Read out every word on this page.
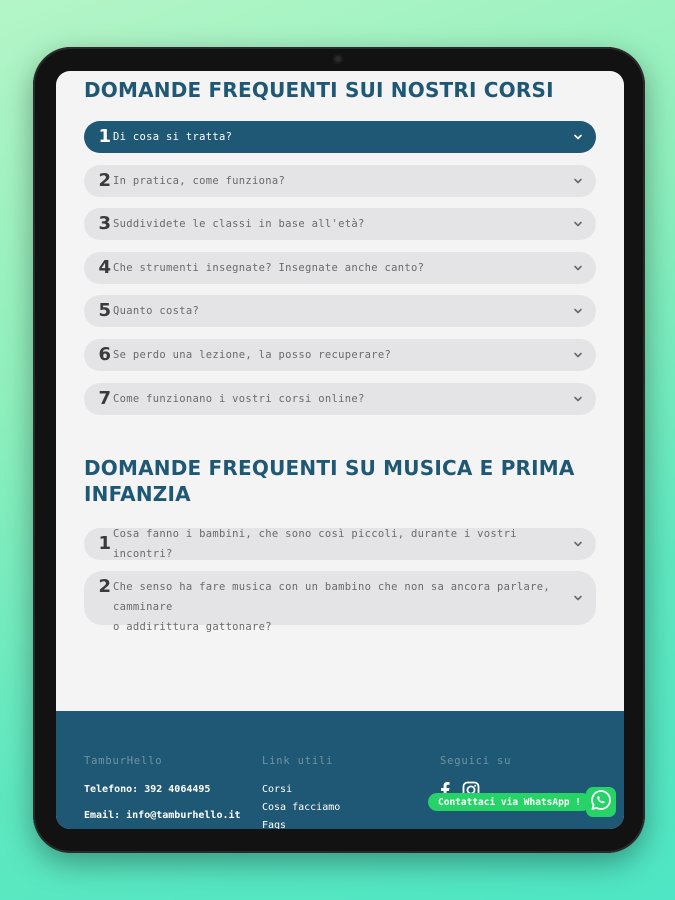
DOMANDE FREQUENTI SUI NOSTRI CORSI
1 Di cosa si tratta?
2 In pratica, come funziona?
3 Suddividete le classi in base all'età?
4 Che strumenti insegnate? Insegnate anche canto?
5 Quanto costa?
6 Se perdo una lezione, la posso recuperare?
7 Come funzionano i vostri corsi online?
DOMANDE FREQUENTI SU MUSICA E PRIMA
INFANZIA
1 Cosa fanno i bambini, che sono così piccoli, durante i vostri incontri?
2 Che senso ha fare musica con un bambino che non sa ancora parlare, camminare
o addirittura gattonare?
TamburHello
Telefono: 392 4064495
Email: info@tamburhello.it
Link utili
Corsi
Cosa facciamo
Faqs
Seguici su
Contattaci via WhatsApp !
